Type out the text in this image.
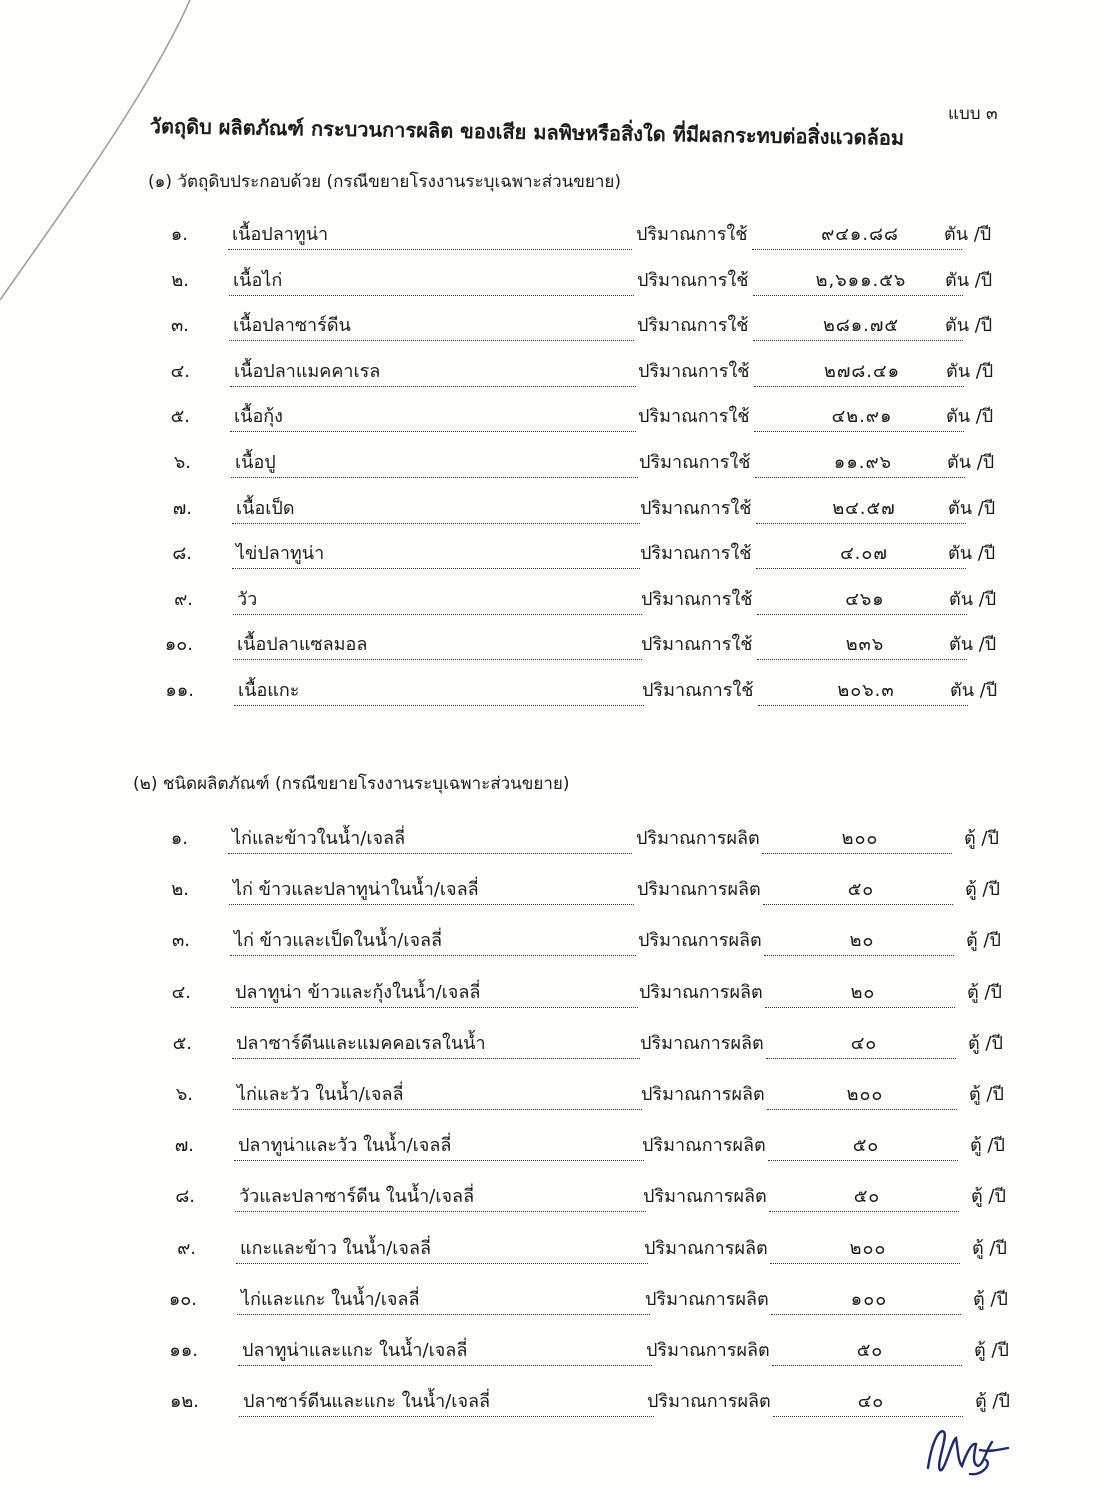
แบบ ๓
วัตถุดิบ ผลิตภัณฑ์ กระบวนการผลิต ของเสีย มลพิษหรือสิ่งใด ที่มีผลกระทบต่อสิ่งแวดล้อม
(๑) วัตถุดิบประกอบด้วย (กรณีขยายโรงงานระบุเฉพาะส่วนขยาย)
๑. เนื้อปลาทูน่า	ปริมาณการใช้	๙๔๑.๘๘	ตัน /ปี
๒. เนื้อไก่	ปริมาณการใช้	๒,๖๑๑.๕๖	ตัน /ปี
๓. เนื้อปลาซาร์ดีน	ปริมาณการใช้	๒๘๑.๗๕	ตัน /ปี
๔. เนื้อปลาแมคคาเรล	ปริมาณการใช้	๒๗๘.๔๑	ตัน /ปี
๕. เนื้อกุ้ง	ปริมาณการใช้	๔๒.๙๑	ตัน /ปี
๖. เนื้อปู	ปริมาณการใช้	๑๑.๙๖	ตัน /ปี
๗. เนื้อเป็ด	ปริมาณการใช้	๒๔.๕๗	ตัน /ปี
๘. ไข่ปลาทูน่า	ปริมาณการใช้	๔.๐๗	ตัน /ปี
๙. วัว	ปริมาณการใช้	๔๖๑	ตัน /ปี
๑๐. เนื้อปลาแซลมอล	ปริมาณการใช้	๒๓๖	ตัน /ปี
๑๑. เนื้อแกะ	ปริมาณการใช้	๒๐๖.๓	ตัน /ปี
(๒) ชนิดผลิตภัณฑ์ (กรณีขยายโรงงานระบุเฉพาะส่วนขยาย)
๑. ไก่และข้าวในน้ำ/เจลลี่	ปริมาณการผลิต	๒๐๐	ตู้ /ปี
๒. ไก่ ข้าวและปลาทูน่าในน้ำ/เจลลี่	ปริมาณการผลิต	๕๐	ตู้ /ปี
๓. ไก่ ข้าวและเป็ดในน้ำ/เจลลี่	ปริมาณการผลิต	๒๐	ตู้ /ปี
๔. ปลาทูน่า ข้าวและกุ้งในน้ำ/เจลลี่	ปริมาณการผลิต	๒๐	ตู้ /ปี
๕. ปลาซาร์ดีนและแมคคอเรลในน้ำ	ปริมาณการผลิต	๔๐	ตู้ /ปี
๖. ไก่และวัว ในน้ำ/เจลลี่	ปริมาณการผลิต	๒๐๐	ตู้ /ปี
๗. ปลาทูน่าและวัว ในน้ำ/เจลลี่	ปริมาณการผลิต	๕๐	ตู้ /ปี
๘. วัวและปลาซาร์ดีน ในน้ำ/เจลลี่	ปริมาณการผลิต	๕๐	ตู้ /ปี
๙. แกะและข้าว ในน้ำ/เจลลี่	ปริมาณการผลิต	๒๐๐	ตู้ /ปี
๑๐. ไก่และแกะ ในน้ำ/เจลลี่	ปริมาณการผลิต	๑๐๐	ตู้ /ปี
๑๑. ปลาทูน่าและแกะ ในน้ำ/เจลลี่	ปริมาณการผลิต	๕๐	ตู้ /ปี
๑๒. ปลาซาร์ดีนและแกะ ในน้ำ/เจลลี่	ปริมาณการผลิต	๔๐	ตู้ /ปี
